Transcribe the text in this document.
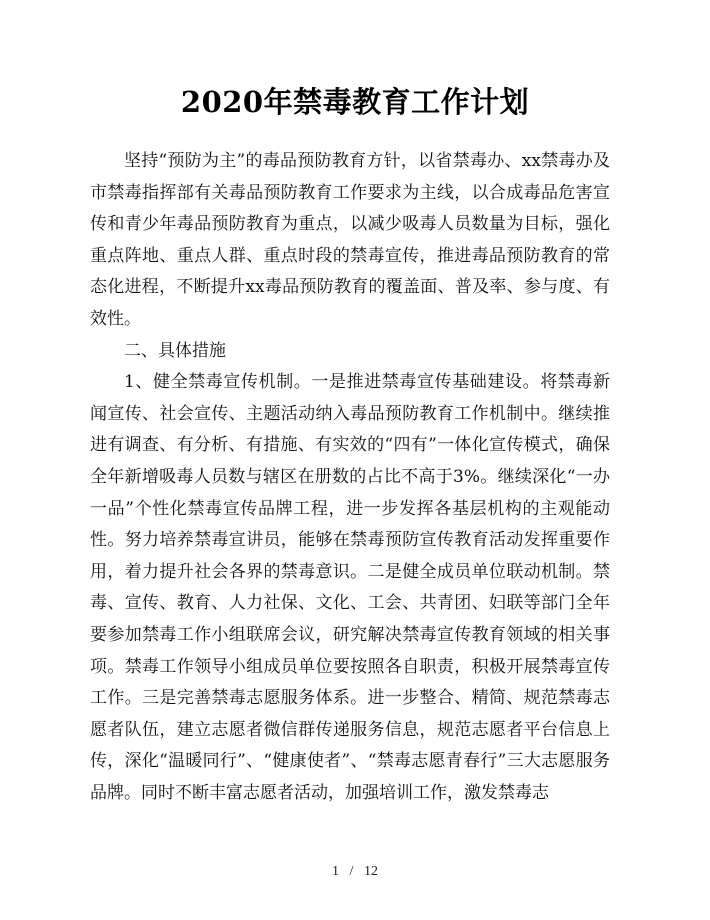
2020年禁毒教育工作计划

坚持“预防为主”的毒品预防教育方针，以省禁毒办、xx禁毒办及市禁毒指挥部有关毒品预防教育工作要求为主线，以合成毒品危害宣传和青少年毒品预防教育为重点，以减少吸毒人员数量为目标，强化重点阵地、重点人群、重点时段的禁毒宣传，推进毒品预防教育的常态化进程，不断提升xx毒品预防教育的覆盖面、普及率、参与度、有效性。

二、具体措施

1、健全禁毒宣传机制。一是推进禁毒宣传基础建设。将禁毒新闻宣传、社会宣传、主题活动纳入毒品预防教育工作机制中。继续推进有调查、有分析、有措施、有实效的“四有”一体化宣传模式，确保全年新增吸毒人员数与辖区在册数的占比不高于3%。继续深化“一办一品”个性化禁毒宣传品牌工程，进一步发挥各基层机构的主观能动性。努力培养禁毒宣讲员，能够在禁毒预防宣传教育活动发挥重要作用，着力提升社会各界的禁毒意识。二是健全成员单位联动机制。禁毒、宣传、教育、人力社保、文化、工会、共青团、妇联等部门全年要参加禁毒工作小组联席会议，研究解决禁毒宣传教育领域的相关事项。禁毒工作领导小组成员单位要按照各自职责，积极开展禁毒宣传工作。三是完善禁毒志愿服务体系。进一步整合、精简、规范禁毒志愿者队伍，建立志愿者微信群传递服务信息，规范志愿者平台信息上传，深化“温暖同行”、“健康使者”、“禁毒志愿青春行”三大志愿服务品牌。同时不断丰富志愿者活动，加强培训工作，激发禁毒志

1 / 12
